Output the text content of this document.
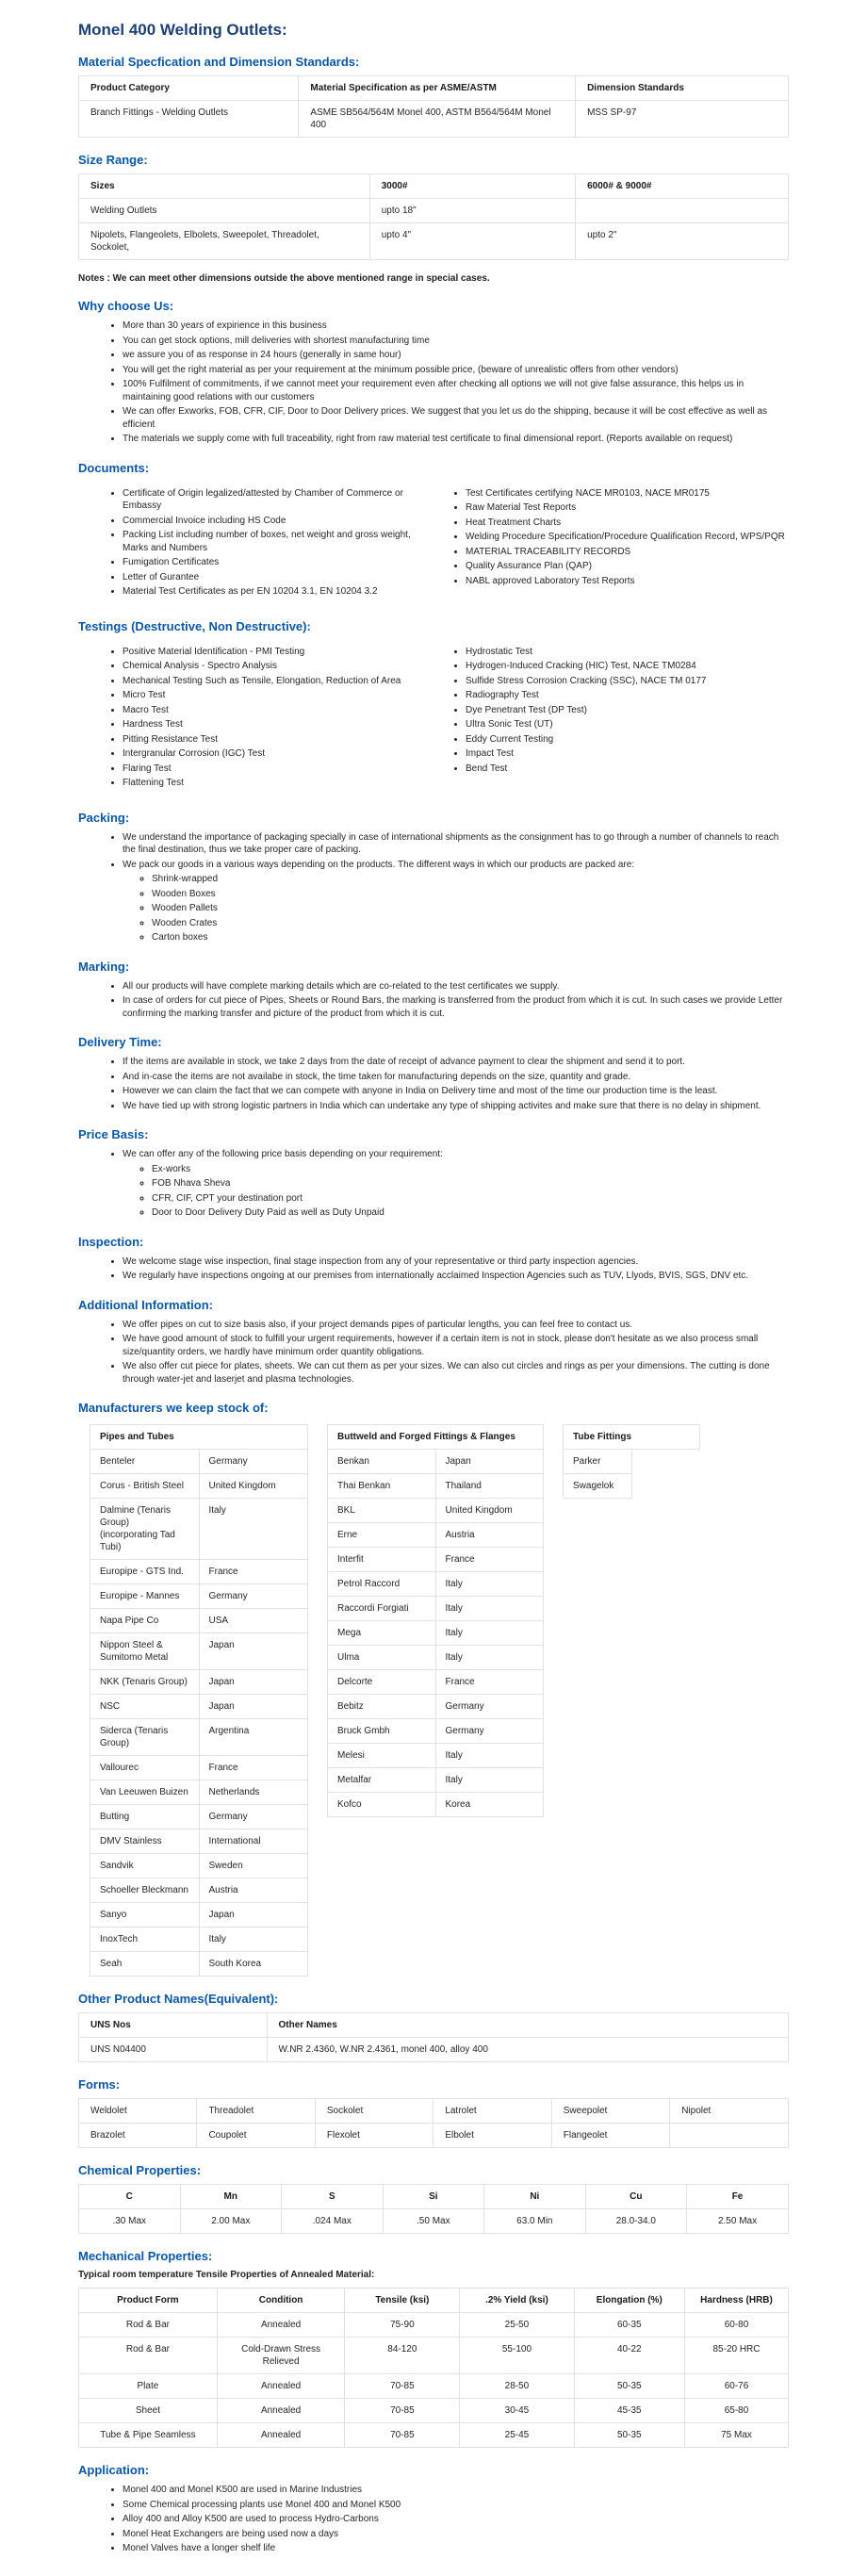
Monel 400 Welding Outlets:
Material Specfication and Dimension Standards:
Product Category	Material Specification as per ASME/ASTM	Dimension Standards
Branch Fittings - Welding Outlets	ASME SB564/564M Monel 400, ASTM B564/564M Monel 400	MSS SP-97
Size Range:
Sizes	3000#	6000# & 9000#
Welding Outlets	upto 18"	
Nipolets, Flangeolets, Elbolets, Sweepolet, Threadolet, Sockolet,	upto 4"	upto 2"

Notes : We can meet other dimensions outside the above mentioned range in special cases.

Why choose Us:
• More than 30 years of expirience in this business
• You can get stock options, mill deliveries with shortest manufacturing time
• we assure you of as response in 24 hours (generally in same hour)
• You will get the right material as per your requirement at the minimum possible price, (beware of unrealistic offers from other vendors)
• 100% Fulfilment of commitments, if we cannot meet your requirement even after checking all options we will not give false assurance, this helps us in maintaining good relations with our customers
• We can offer Exworks, FOB, CFR, CIF, Door to Door Delivery prices. We suggest that you let us do the shipping, because it will be cost effective as well as efficient
• The materials we supply come with full traceability, right from raw material test certificate to final dimensional report. (Reports available on request)
Documents:
• Certificate of Origin legalized/attested by Chamber of Commerce or Embassy
• Commercial Invoice including HS Code
• Packing List including number of boxes, net weight and gross weight, Marks and Numbers
• Fumigation Certificates
• Letter of Gurantee
• Material Test Certificates as per EN 10204 3.1, EN 10204 3.2
• Test Certificates certifying NACE MR0103, NACE MR0175
• Raw Material Test Reports
• Heat Treatment Charts
• Welding Procedure Specification/Procedure Qualification Record, WPS/PQR
• MATERIAL TRACEABILITY RECORDS
• Quality Assurance Plan (QAP)
• NABL approved Laboratory Test Reports
Testings (Destructive, Non Destructive):
• Positive Material Identification - PMI Testing
• Chemical Analysis - Spectro Analysis
• Mechanical Testing Such as Tensile, Elongation, Reduction of Area
• Micro Test
• Macro Test
• Hardness Test
• Pitting Resistance Test
• Intergranular Corrosion (IGC) Test
• Flaring Test
• Flattening Test
• Hydrostatic Test
• Hydrogen-Induced Cracking (HIC) Test, NACE TM0284
• Sulfide Stress Corrosion Cracking (SSC), NACE TM 0177
• Radiography Test
• Dye Penetrant Test (DP Test)
• Ultra Sonic Test (UT)
• Eddy Current Testing
• Impact Test
• Bend Test
Packing:
• We understand the importance of packaging specially in case of international shipments as the consignment has to go through a number of channels to reach the final destination, thus we take proper care of packing.
• We pack our goods in a various ways depending on the products. The different ways in which our products are packed are:
◦ Shrink-wrapped
◦ Wooden Boxes
◦ Wooden Pallets
◦ Wooden Crates
◦ Carton boxes
Marking:
• All our products will have complete marking details which are co-related to the test certificates we supply.
• In case of orders for cut piece of Pipes, Sheets or Round Bars, the marking is transferred from the product from which it is cut. In such cases we provide Letter confirming the marking transfer and picture of the product from which it is cut.
Delivery Time:
• If the items are available in stock, we take 2 days from the date of receipt of advance payment to clear the shipment and send it to port.
• And in-case the items are not availabe in stock, the time taken for manufacturing depends on the size, quantity and grade.
• However we can claim the fact that we can compete with anyone in India on Delivery time and most of the time our production time is the least.
• We have tied up with strong logistic partners in India which can undertake any type of shipping activites and make sure that there is no delay in shipment.
Price Basis:
• We can offer any of the following price basis depending on your requirement:
◦ Ex-works
◦ FOB Nhava Sheva
◦ CFR, CIF, CPT your destination port
◦ Door to Door Delivery Duty Paid as well as Duty Unpaid
Inspection:
• We welcome stage wise inspection, final stage inspection from any of your representative or third party inspection agencies.
• We regularly have inspections ongoing at our premises from internationally acclaimed Inspection Agencies such as TUV, Llyods, BVIS, SGS, DNV etc.
Additional Information:
• We offer pipes on cut to size basis also, if your project demands pipes of particular lengths, you can feel free to contact us.
• We have good amount of stock to fulfill your urgent requirements, however if a certain item is not in stock, please don't hesitate as we also process small size/quantity orders, we hardly have minimum order quantity obligations.
• We also offer cut piece for plates, sheets. We can cut them as per your sizes. We can also cut circles and rings as per your dimensions. The cutting is done through water-jet and laserjet and plasma technologies.
Manufacturers we keep stock of:
Pipes and Tubes	
Benteler	Germany
Corus - British Steel	United Kingdom
Dalmine (Tenaris Group) (incorporating Tad Tubi)	Italy
Europipe - GTS Ind.	France
Europipe - Mannes	Germany
Napa Pipe Co	USA
Nippon Steel & Sumitomo Metal	Japan
NKK (Tenaris Group)	Japan
NSC	Japan
Siderca (Tenaris Group)	Argentina
Vallourec	France
Van Leeuwen Buizen	Netherlands
Butting	Germany
DMV Stainless	International
Sandvik	Sweden
Schoeller Bleckmann	Austria
Sanyo	Japan
InoxTech	Italy
Seah	South Korea
Buttweld and Forged Fittings & Flanges	
Benkan	Japan
Thai Benkan	Thailand
BKL	United Kingdom
Erne	Austria
Interfit	France
Petrol Raccord	Italy
Raccordi Forgiati	Italy
Mega	Italy
Ulma	Italy
Delcorte	France
Bebitz	Germany
Bruck Gmbh	Germany
Melesi	Italy
Metalfar	Italy
Kofco	Korea
Tube Fittings
Parker
Swagelok
Other Product Names(Equivalent):
UNS Nos	Other Names
UNS N04400	W.NR 2.4360, W.NR 2.4361, monel 400, alloy 400
Forms:
Weldolet	Threadolet	Sockolet	Latrolet	Sweepolet	Nipolet
Brazolet	Coupolet	Flexolet	Elbolet	Flangeolet	
Chemical Properties:
C	Mn	S	Si	Ni	Cu	Fe
.30 Max	2.00 Max	.024 Max	.50 Max	63.0 Min	28.0-34.0	2.50 Max
Mechanical Properties:

Typical room temperature Tensile Properties of Annealed Material:

Product Form	Condition	Tensile (ksi)	.2% Yield (ksi)	Elongation (%)	Hardness (HRB)
Rod & Bar	Annealed	75-90	25-50	60-35	60-80
Rod & Bar	Cold-Drawn Stress Relieved	84-120	55-100	40-22	85-20 HRC
Plate	Annealed	70-85	28-50	50-35	60-76
Sheet	Annealed	70-85	30-45	45-35	65-80
Tube & Pipe Seamless	Annealed	70-85	25-45	50-35	75 Max
Application:
• Monel 400 and Monel K500 are used in Marine Industries
• Some Chemical processing plants use Monel 400 and Monel K500
• Alloy 400 and Alloy K500 are used to process Hydro-Carbons
• Monel Heat Exchangers are being used now a days
• Monel Valves have a longer shelf life
